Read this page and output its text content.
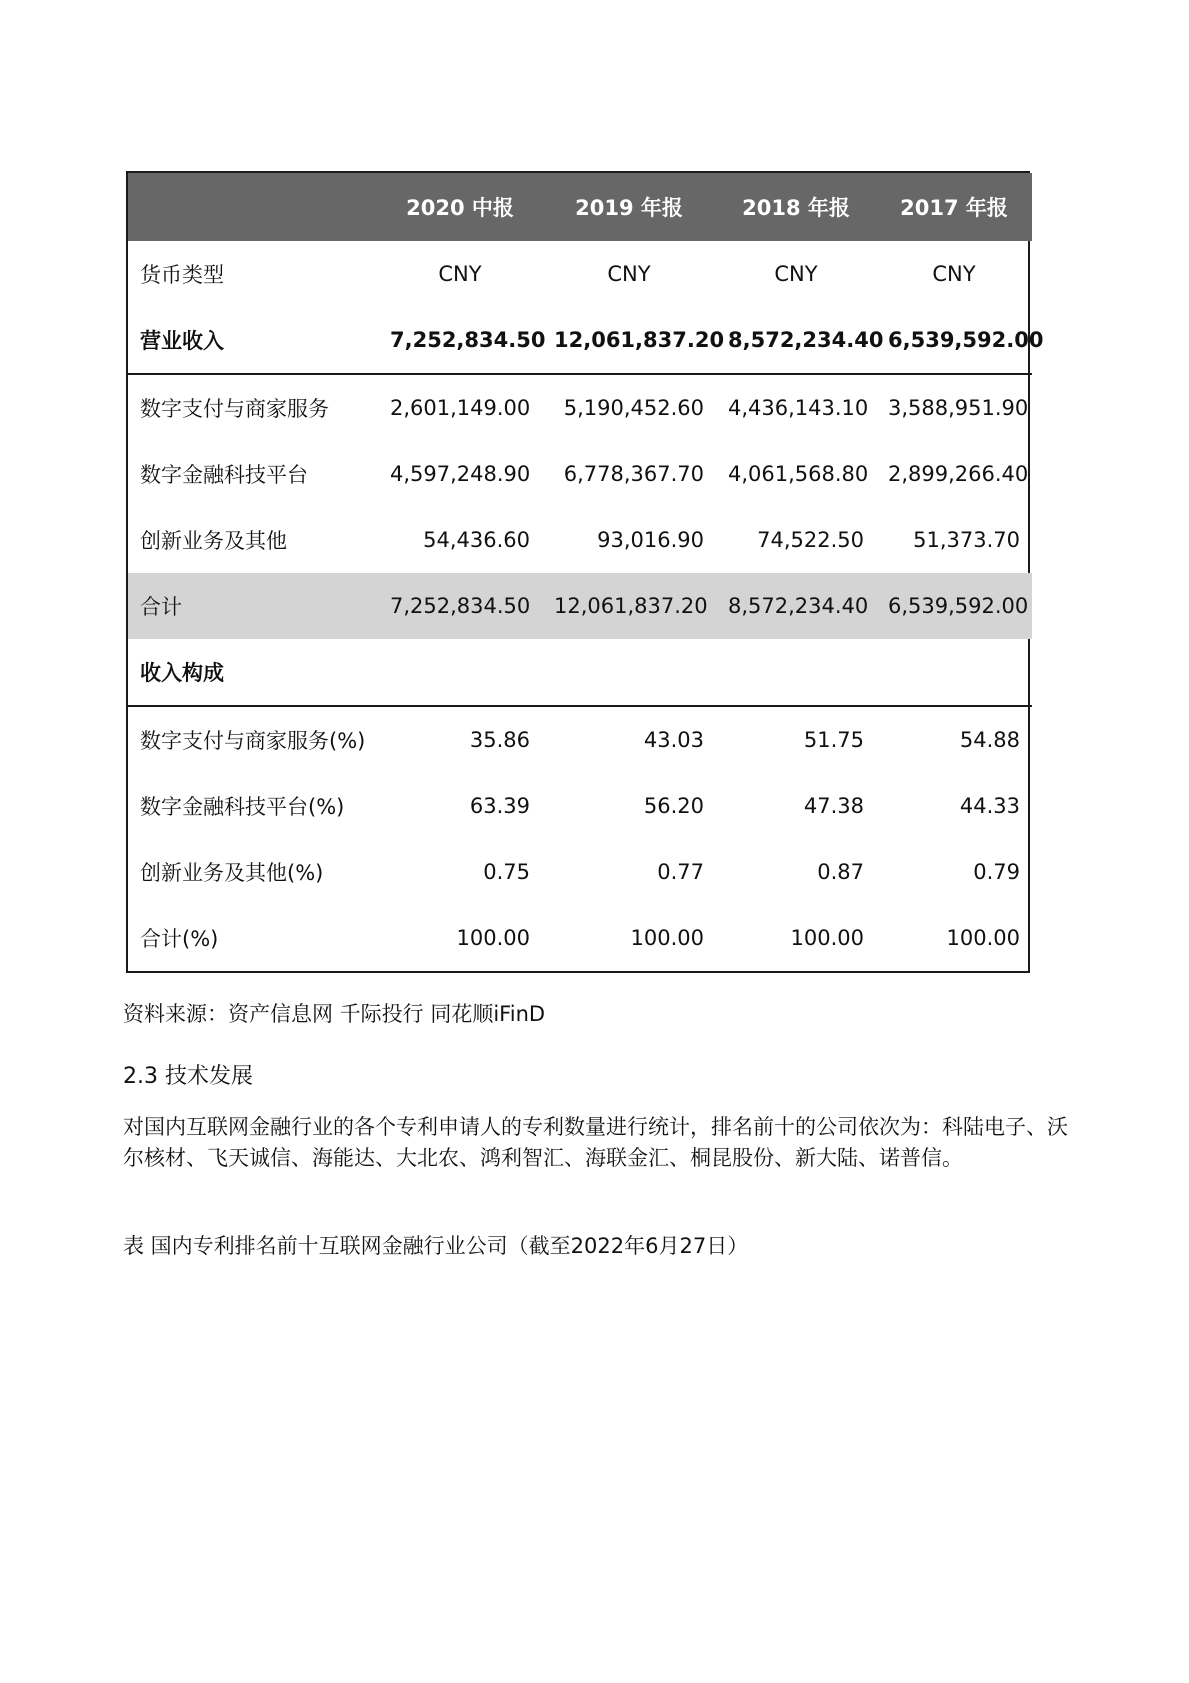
	2020 中报	2019 年报	2018 年报	2017 年报
货币类型	CNY	CNY	CNY	CNY
营业收入	7,252,834.50	12,061,837.20	8,572,234.40	6,539,592.00
数字支付与商家服务	2,601,149.00	5,190,452.60	4,436,143.10	3,588,951.90
数字金融科技平台	4,597,248.90	6,778,367.70	4,061,568.80	2,899,266.40
创新业务及其他	54,436.60	93,016.90	74,522.50	51,373.70
合计	7,252,834.50	12,061,837.20	8,572,234.40	6,539,592.00
收入构成				
数字支付与商家服务(%)	35.86	43.03	51.75	54.88
数字金融科技平台(%)	63.39	56.20	47.38	44.33
创新业务及其他(%)	0.75	0.77	0.87	0.79
合计(%)	100.00	100.00	100.00	100.00
资料来源：资产信息网 千际投行 同花顺iFinD
2.3 技术发展
对国内互联网金融行业的各个专利申请人的专利数量进行统计，排名前十的公司依次为：科陆电子、沃尔核材、飞天诚信、海能达、大北农、鸿利智汇、海联金汇、桐昆股份、新大陆、诺普信。
表 国内专利排名前十互联网金融行业公司（截至2022年6月27日）
